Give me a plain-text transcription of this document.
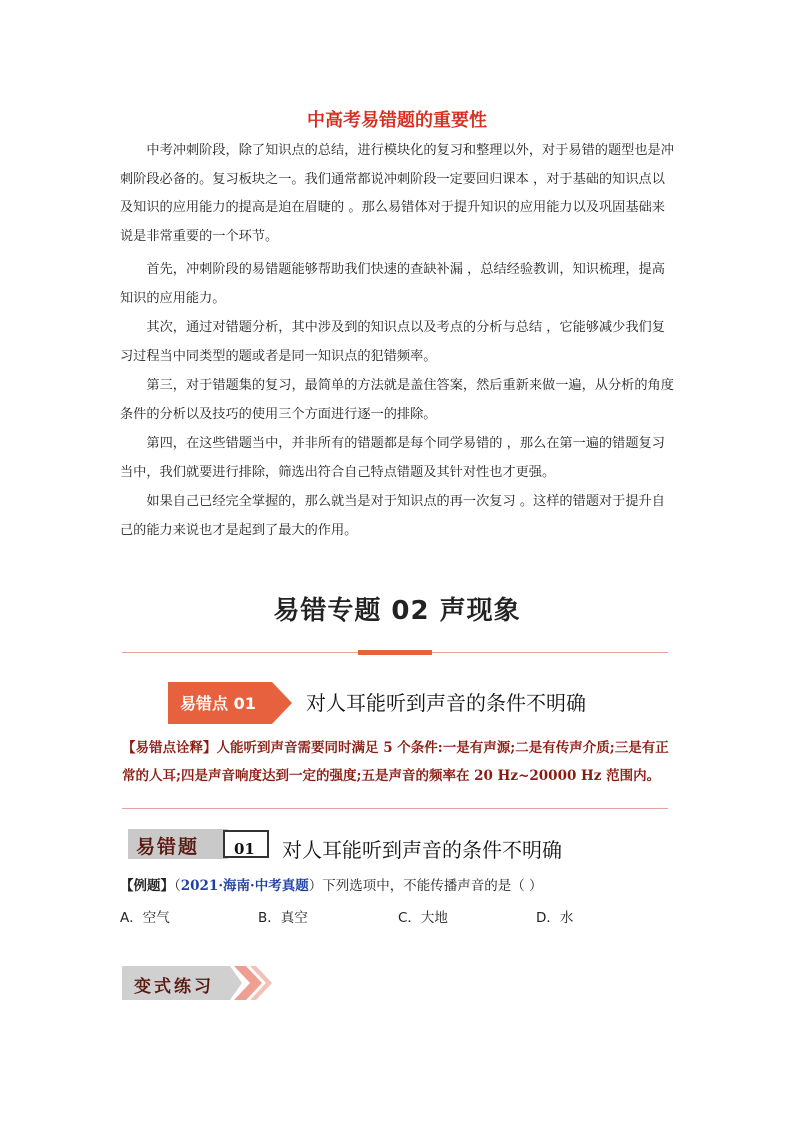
中高考易错题的重要性

中考冲刺阶段，除了知识点的总结，进行模块化的复习和整理以外，对于易错的题型也是冲刺阶段必备的。复习板块之一。我们通常都说冲刺阶段一定要回归课本 ，对于基础的知识点以及知识的应用能力的提高是迫在眉睫的 。那么易错体对于提升知识的应用能力以及巩固基础来说是非常重要的一个环节。

首先，冲刺阶段的易错题能够帮助我们快速的查缺补漏 ，总结经验教训，知识梳理，提高知识的应用能力。

其次，通过对错题分析，其中涉及到的知识点以及考点的分析与总结 ，它能够减少我们复习过程当中同类型的题或者是同一知识点的犯错频率。

第三，对于错题集的复习，最简单的方法就是盖住答案，然后重新来做一遍，从分析的角度条件的分析以及技巧的使用三个方面进行逐一的排除。

第四，在这些错题当中，并非所有的错题都是每个同学易错的 ，那么在第一遍的错题复习当中，我们就要进行排除，筛选出符合自己特点错题及其针对性也才更强。

如果自己已经完全掌握的，那么就当是对于知识点的再一次复习 。这样的错题对于提升自己的能力来说也才是起到了最大的作用。

易错专题 02 声现象
易错点 01	对人耳能听到声音的条件不明确

【易错点诠释】人能听到声音需要同时满足 5 个条件:一是有声源;二是有传声介质;三是有正常的人耳;四是声音响度达到一定的强度;五是声音的频率在 20 Hz~20000 Hz 范围内。

易错题 01 对人耳能听到声音的条件不明确
【例题】（2021·海南·中考真题）下列选项中，不能传播声音的是（ ）
A．空气	B．真空	C．大地	D．水
变式练习
